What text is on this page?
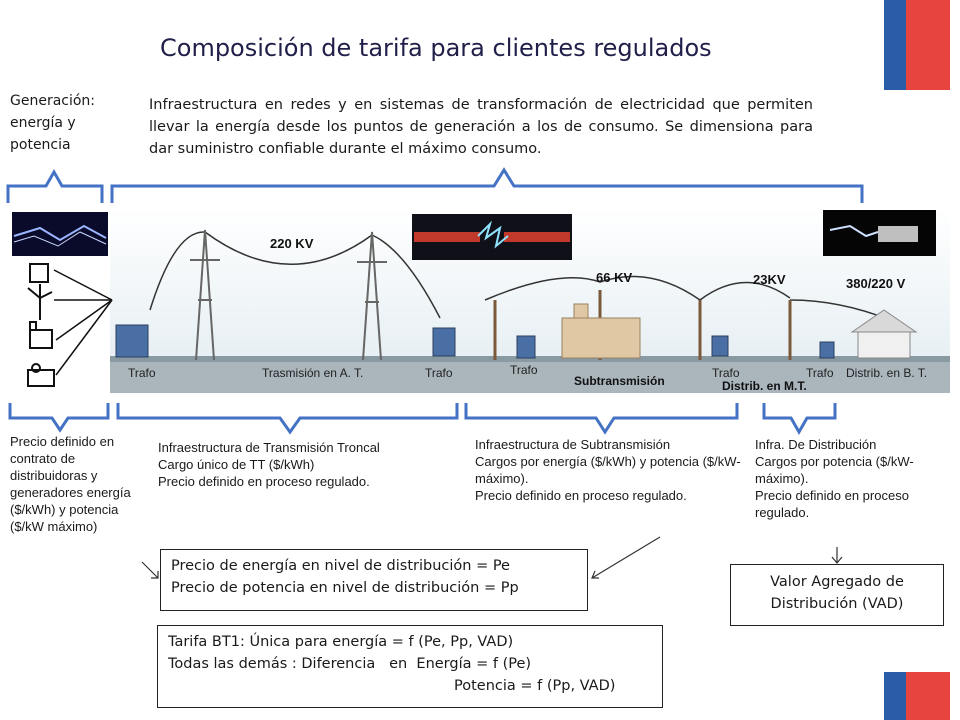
Composición de tarifa para clientes regulados
Generación: energía y potencia
Infraestructura en redes y en sistemas de transformación de electricidad que permiten llevar la energía desde los puntos de generación a los de consumo. Se dimensiona para dar suministro confiable durante el máximo consumo.
220 KV
66 KV	23KV	380/220 V
Subtransmisión	Distrib. en M.T.
Trafo	Trasmisión en A. T.	Trafo	Trafo	Trafo	Trafo Distrib. en B. T.
Precio definido en contrato de distribuidoras y generadores energía ($/kWh) y potencia ($/kW máximo)
Infraestructura de Transmisión Troncal
Cargo único de TT ($/kWh)
Precio definido en proceso regulado.
Infraestructura de Subtransmisión
Cargos por energía ($/kWh) y potencia ($/kW-máximo).
Precio definido en proceso regulado.
Infra. De Distribución
Cargos por potencia ($/kW-máximo).
Precio definido en proceso regulado.
Precio de energía en nivel de distribución = Pe
Precio de potencia en nivel de distribución = Pp	Valor Agregado de Distribución (VAD)
Tarifa BT1: Única para energía = f (Pe, Pp, VAD)
Todas las demás : Diferencia   en Energía = f (Pe)
Potencia = f (Pp, VAD)
